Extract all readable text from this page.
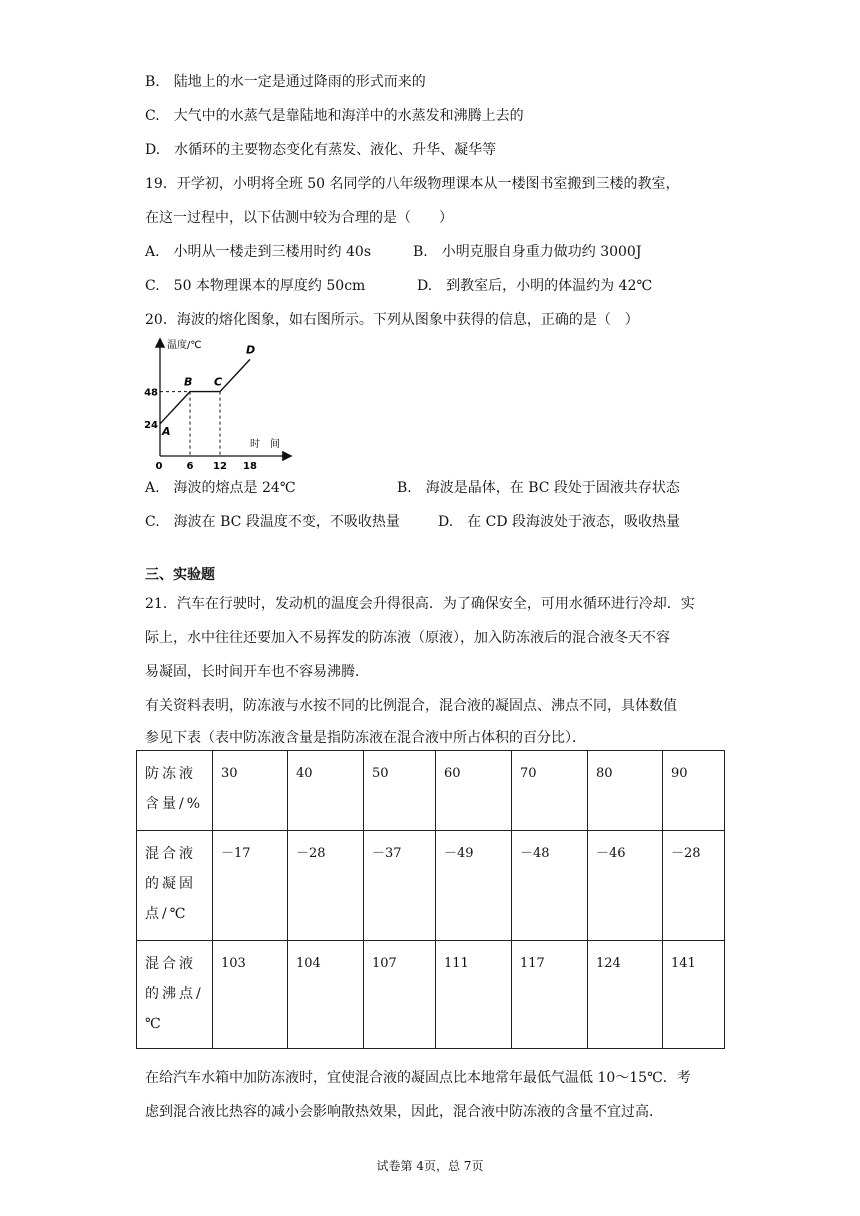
B.　陆地上的水一定是通过降雨的形式而来的
C.　大气中的水蒸气是靠陆地和海洋中的水蒸发和沸腾上去的
D.　水循环的主要物态变化有蒸发、液化、升华、凝华等
19．开学初，小明将全班 50 名同学的八年级物理课本从一楼图书室搬到三楼的教室，
在这一过程中，以下估测中较为合理的是（　　）
A.　小明从一楼走到三楼用时约 40s	B.　小明克服自身重力做功约 3000J
C.　50 本物理课本的厚度约 50cm	D.　到教室后，小明的体温约为 42℃
20．海波的熔化图象，如右图所示。下列从图象中获得的信息，正确的是（　）
温度/℃
时　间
0 6 12 18
24
48
A
B C
D
A.　海波的熔点是 24℃	B.　海波是晶体，在 BC 段处于固液共存状态
C.　海波在 BC 段温度不变，不吸收热量	D.　在 CD 段海波处于液态，吸收热量
三、实验题
21．汽车在行驶时，发动机的温度会升得很高．为了确保安全，可用水循环进行冷却．实
际上，水中往往还要加入不易挥发的防冻液（原液），加入防冻液后的混合液冬天不容
易凝固，长时间开车也不容易沸腾．
有关资料表明，防冻液与水按不同的比例混合，混合液的凝固点、沸点不同，具体数值
参见下表（表中防冻液含量是指防冻液在混合液中所占体积的百分比）．
防冻液含量/%	30	40	50	60	70	80	90
混合液的凝固点/℃	－17	－28	－37	－49	－48	－46	－28
混合液的沸点/℃	103	104	107	111	117	124	141
在给汽车水箱中加防冻液时，宜使混合液的凝固点比本地常年最低气温低 10～15℃．考
虑到混合液比热容的减小会影响散热效果，因此，混合液中防冻液的含量不宜过高．
试卷第 4页，总 7页
